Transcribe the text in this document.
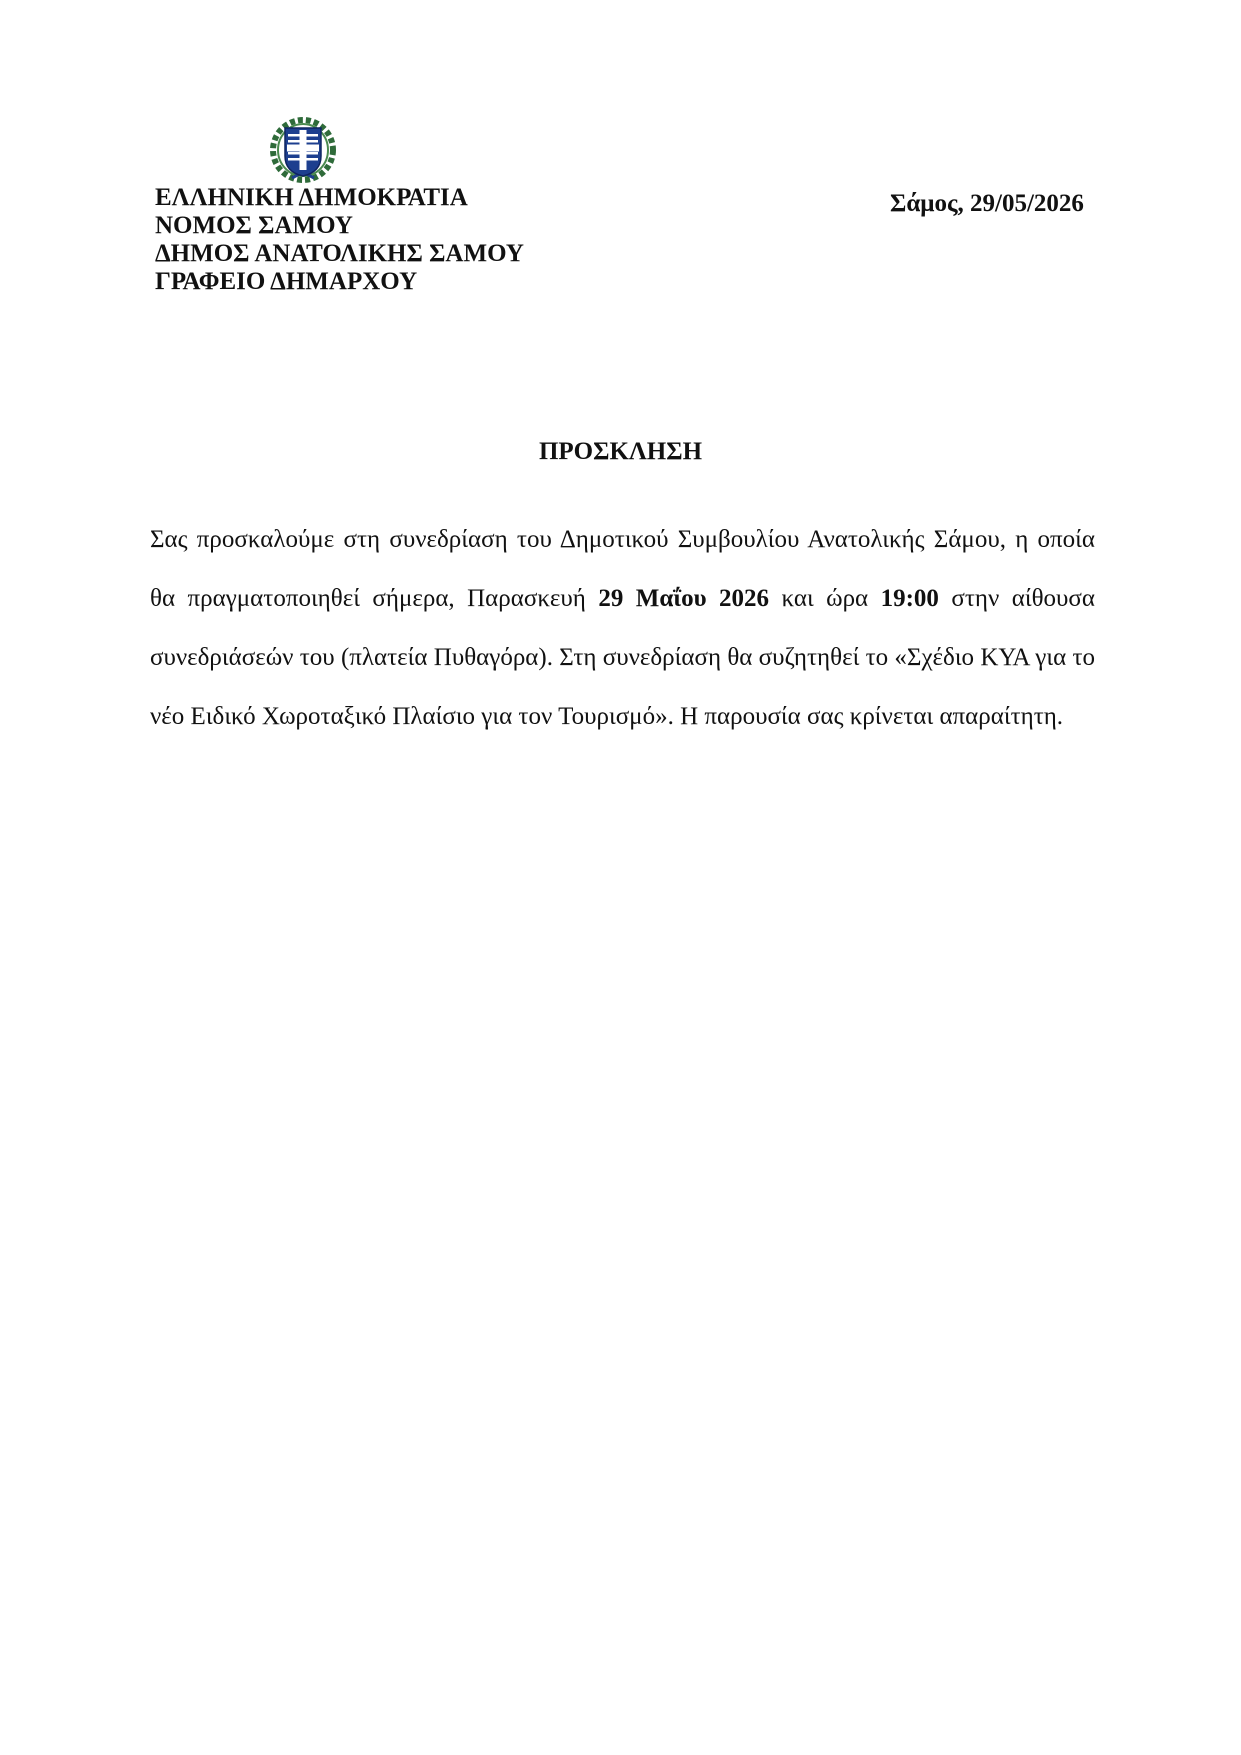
ΕΛΛΗΝΙΚΗ ΔΗΜΟΚΡΑΤΙΑ
ΝΟΜΟΣ ΣΑΜΟΥ
ΔΗΜΟΣ ΑΝΑΤΟΛΙΚΗΣ ΣΑΜΟΥ
ΓΡΑΦΕΙΟ ΔΗΜΑΡΧΟΥ
Σάμος, 29/05/2026
ΠΡΟΣΚΛΗΣΗ

Σας προσκαλούμε στη συνεδρίαση του Δημοτικού Συμβουλίου Ανατολικής Σάμου, η οποία θα πραγματοποιηθεί σήμερα, Παρασκευή 29 Μαΐου 2026 και ώρα 19:00 στην αίθουσα συνεδριάσεών του (πλατεία Πυθαγόρα). Στη συνεδρίαση θα συζητηθεί το «Σχέδιο ΚΥΑ για το νέο Ειδικό Χωροταξικό Πλαίσιο για τον Τουρισμό». Η παρουσία σας κρίνεται απαραίτητη.
